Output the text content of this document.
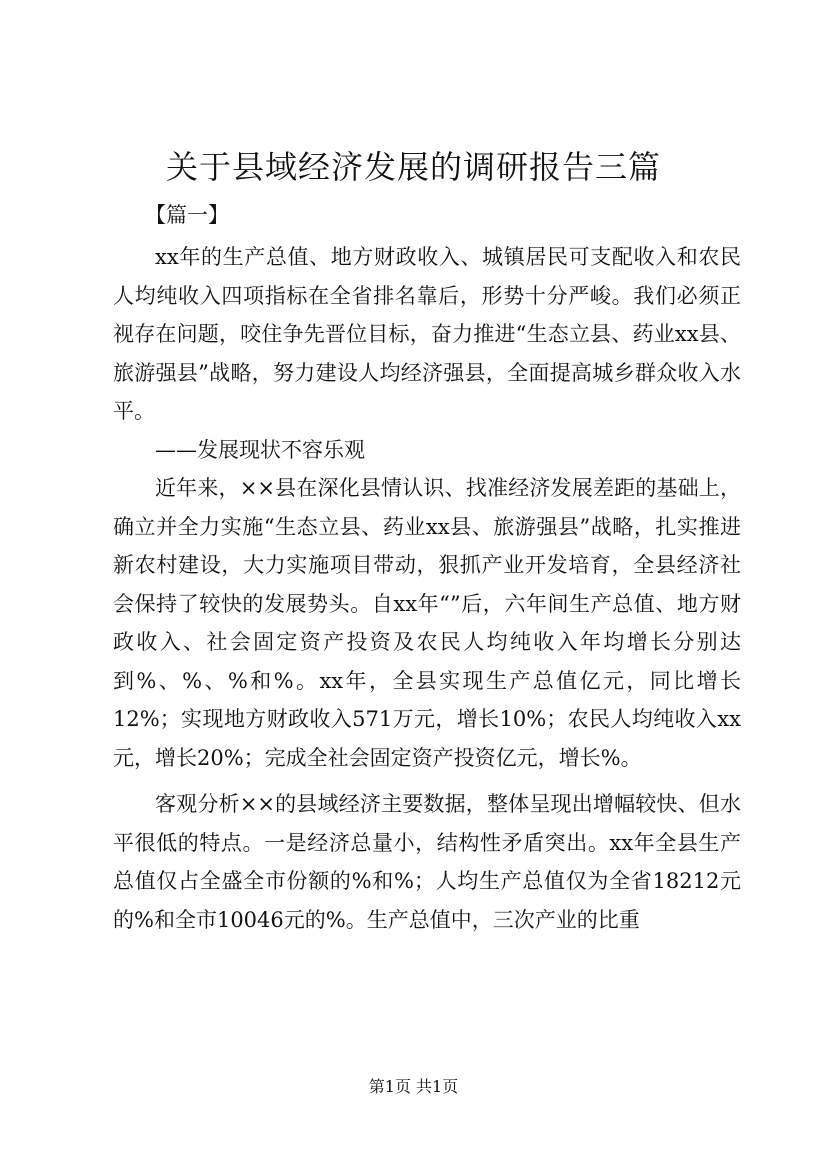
关于县域经济发展的调研报告三篇
【篇一】

xx年的生产总值、地方财政收入、城镇居民可支配收入和农民人均纯收入四项指标在全省排名靠后，形势十分严峻。我们必须正视存在问题，咬住争先晋位目标，奋力推进“生态立县、药业xx县、旅游强县”战略，努力建设人均经济强县，全面提高城乡群众收入水平。

——发展现状不容乐观

近年来，××县在深化县情认识、找准经济发展差距的基础上，确立并全力实施“生态立县、药业xx县、旅游强县”战略，扎实推进新农村建设，大力实施项目带动，狠抓产业开发培育，全县经济社会保持了较快的发展势头。自xx年“”后，六年间生产总值、地方财政收入、社会固定资产投资及农民人均纯收入年均增长分别达到%、%、%和%。xx年，全县实现生产总值亿元，同比增长12%；实现地方财政收入571万元，增长10%；农民人均纯收入xx元，增长20%；完成全社会固定资产投资亿元，增长%。

客观分析××的县域经济主要数据，整体呈现出增幅较快、但水平很低的特点。一是经济总量小，结构性矛盾突出。xx年全县生产总值仅占全盛全市份额的%和%；人均生产总值仅为全省18212元的%和全市10046元的%。生产总值中，三次产业的比重

第1页 共1页
